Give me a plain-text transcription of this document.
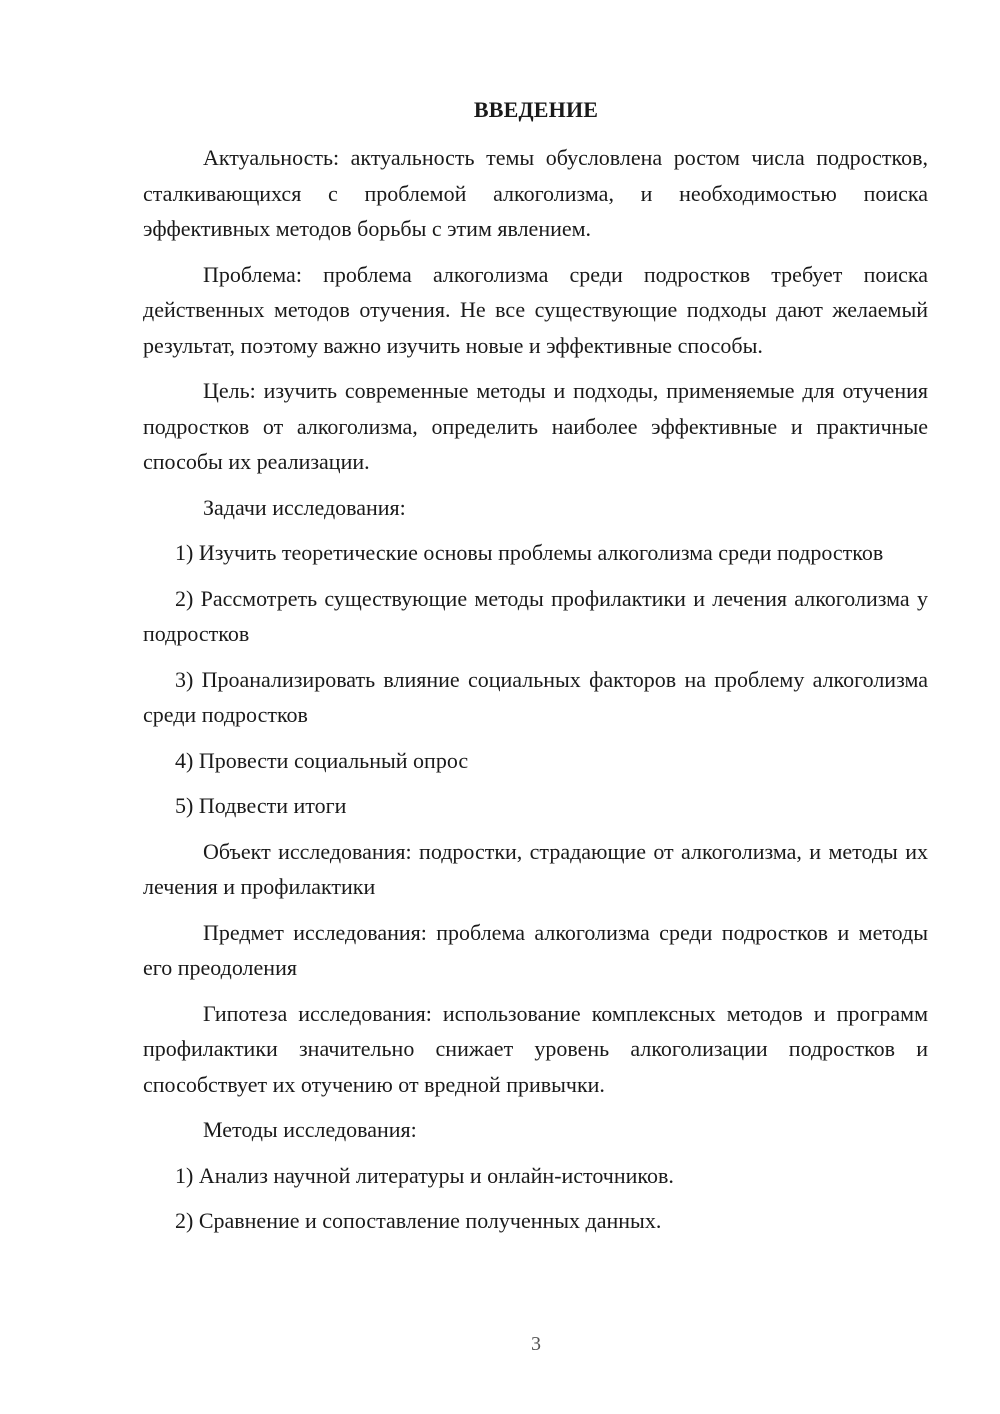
ВВЕДЕНИЕ

Актуальность: актуальность темы обусловлена ростом числа подростков, сталкивающихся с проблемой алкоголизма, и необходимостью поиска эффективных методов борьбы с этим явлением.

Проблема: проблема алкоголизма среди подростков требует поиска действенных методов отучения. Не все существующие подходы дают желаемый результат, поэтому важно изучить новые и эффективные способы.

Цель: изучить современные методы и подходы, применяемые для отучения подростков от алкоголизма, определить наиболее эффективные и практичные способы их реализации.

Задачи исследования:

1) Изучить теоретические основы проблемы алкоголизма среди подростков

2) Рассмотреть существующие методы профилактики и лечения алкоголизма у подростков

3) Проанализировать влияние социальных факторов на проблему алкоголизма среди подростков

4) Провести социальный опрос

5) Подвести итоги

Объект исследования: подростки, страдающие от алкоголизма, и методы их лечения и профилактики

Предмет исследования: проблема алкоголизма среди подростков и методы его преодоления

Гипотеза исследования: использование комплексных методов и программ профилактики значительно снижает уровень алкоголизации подростков и способствует их отучению от вредной привычки.

Методы исследования:

1) Анализ научной литературы и онлайн-источников.

2) Сравнение и сопоставление полученных данных.

3
